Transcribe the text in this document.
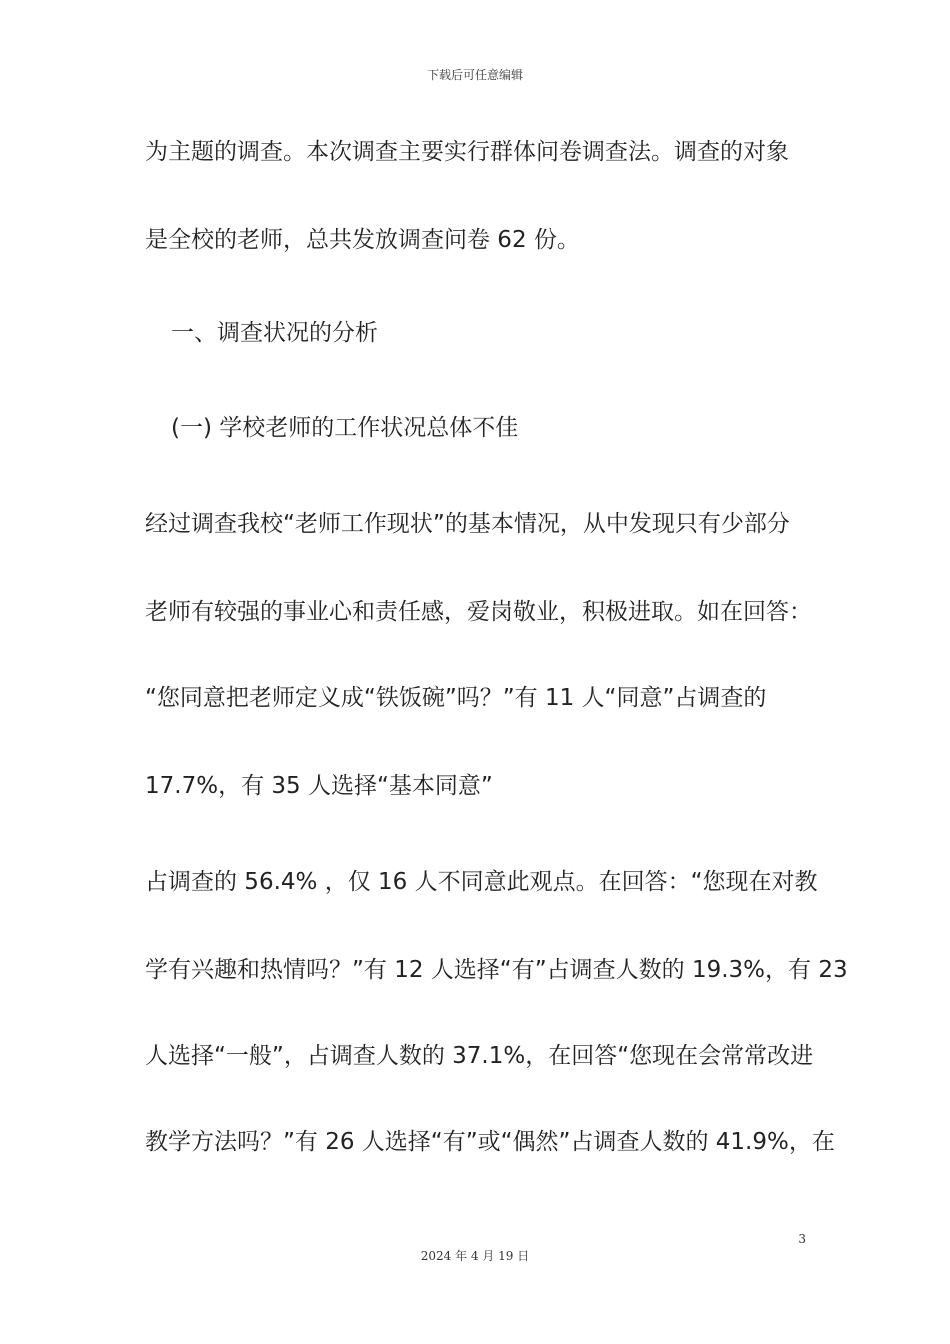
下载后可任意编辑
为主题的调查。本次调查主要实行群体问卷调查法。调查的对象
是全校的老师，总共发放调查问卷 62 份。
一、调查状况的分析
(一) 学校老师的工作状况总体不佳
经过调查我校“老师工作现状”的基本情况，从中发现只有少部分
老师有较强的事业心和责任感，爱岗敬业，积极进取。如在回答：
“您同意把老师定义成“铁饭碗”吗？”有 11 人“同意”占调查的
17.7%，有 35 人选择“基本同意”
占调查的 56.4% ，仅 16 人不同意此观点。在回答：“您现在对教
学有兴趣和热情吗？”有 12 人选择“有”占调查人数的 19.3%，有 23
人选择“一般”，占调查人数的 37.1%，在回答“您现在会常常改进
教学方法吗？”有 26 人选择“有”或“偶然”占调查人数的 41.9%，在
3
2024 年 4 月 19 日
